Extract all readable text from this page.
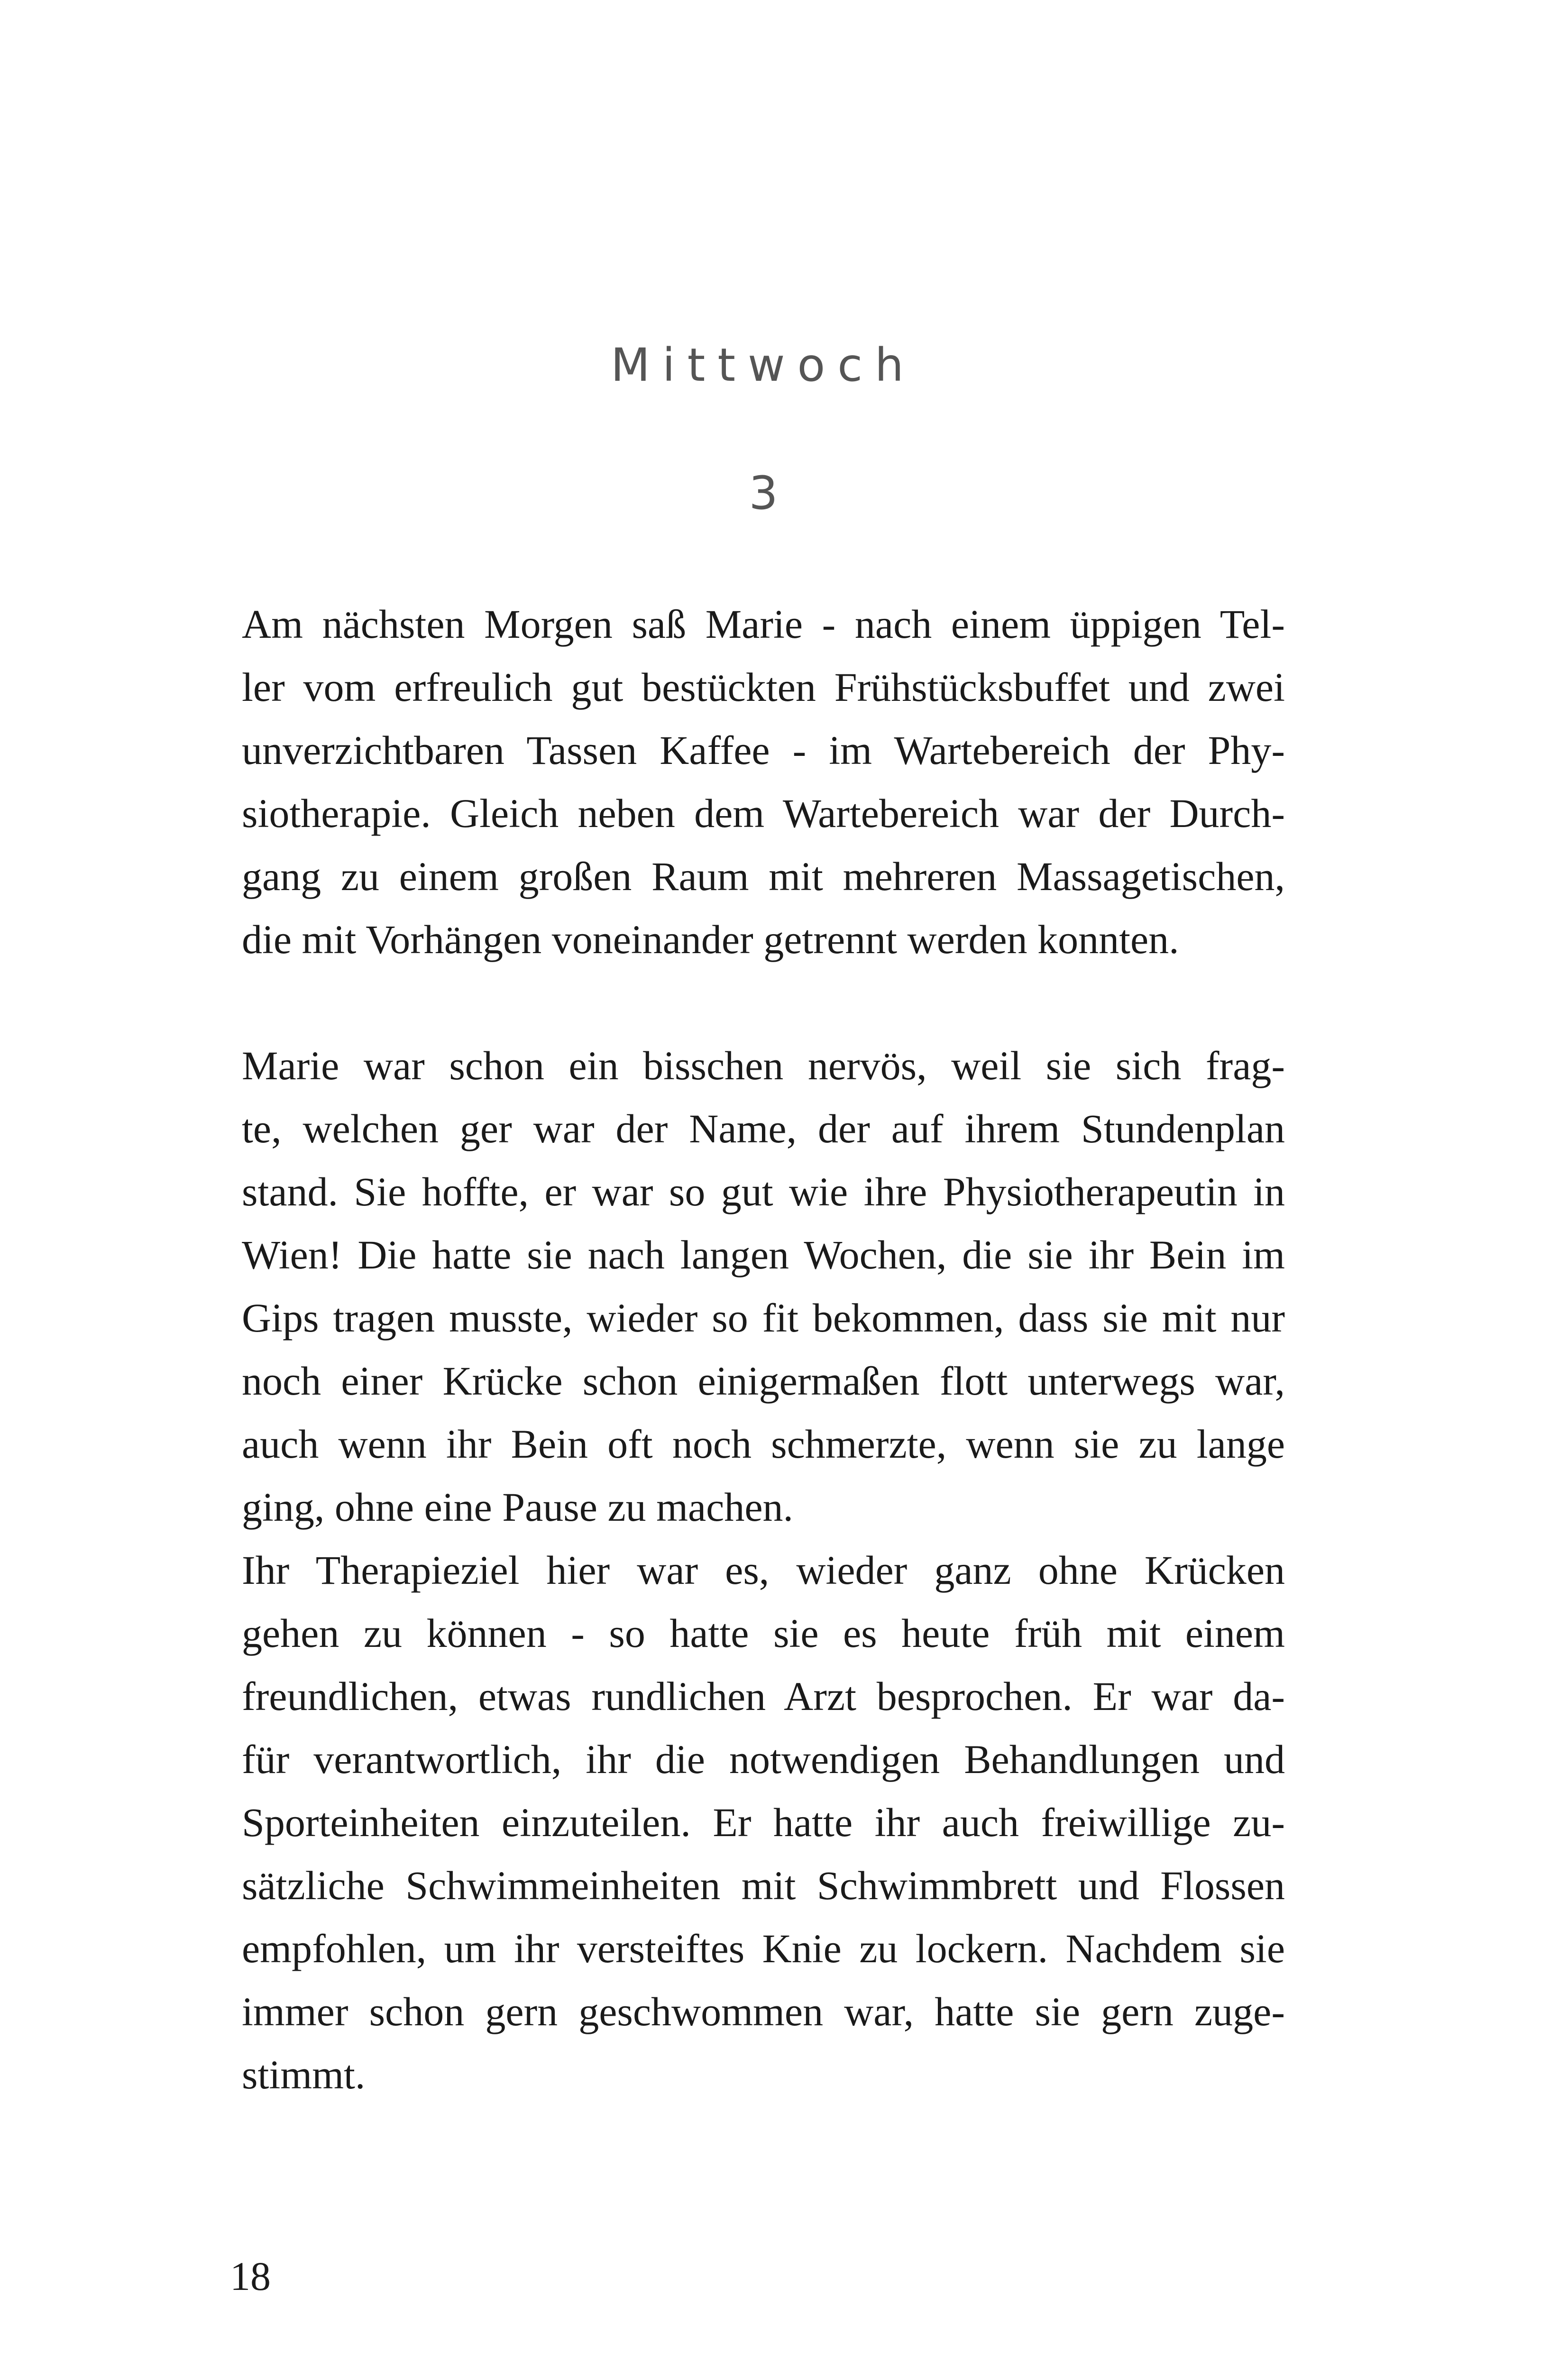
Mittwoch
3
Am nächsten Morgen saß Marie - nach einem üppigen Tel-
ler vom erfreulich gut bestückten Frühstücksbuffet und zwei
unverzichtbaren Tassen Kaffee - im Wartebereich der Phy-
siotherapie. Gleich neben dem Wartebereich war der Durch-
gang zu einem großen Raum mit mehreren Massagetischen,
die mit Vorhängen voneinander getrennt werden konnten.
Marie war schon ein bisschen nervös, weil sie sich frag-
te, welchen ger war der Name, der auf ihrem Stundenplan
stand. Sie hoffte, er war so gut wie ihre Physiotherapeutin in
Wien! Die hatte sie nach langen Wochen, die sie ihr Bein im
Gips tragen musste, wieder so fit bekommen, dass sie mit nur
noch einer Krücke schon einigermaßen flott unterwegs war,
auch wenn ihr Bein oft noch schmerzte, wenn sie zu lange
ging, ohne eine Pause zu machen.
Ihr Therapieziel hier war es, wieder ganz ohne Krücken
gehen zu können - so hatte sie es heute früh mit einem
freundlichen, etwas rundlichen Arzt besprochen. Er war da-
für verantwortlich, ihr die notwendigen Behandlungen und
Sporteinheiten einzuteilen. Er hatte ihr auch freiwillige zu-
sätzliche Schwimmeinheiten mit Schwimmbrett und Flossen
empfohlen, um ihr versteiftes Knie zu lockern. Nachdem sie
immer schon gern geschwommen war, hatte sie gern zuge-
stimmt.
18
